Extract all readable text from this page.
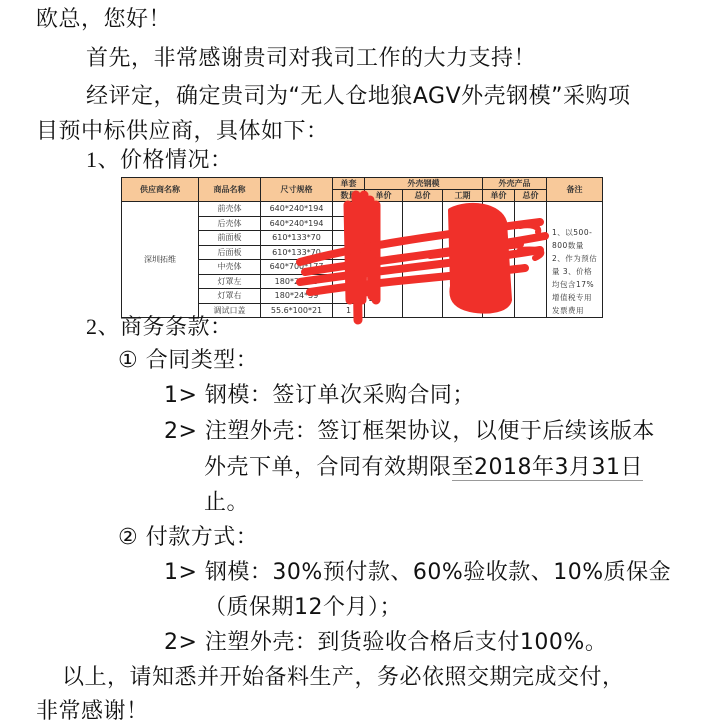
欧总，您好！
首先，非常感谢贵司对我司工作的大力支持！
经评定，确定贵司为“无人仓地狼AGV外壳钢模”采购项
目预中标供应商，具体如下：
1、价格情况：
供应商名称	商品名称	尺寸规格	单套	外壳钢模			外壳产品		备注
			数量	单价	总价	工期	单价	总价	
深圳拓维	前壳体	640*240*194	1						1、以500-800数量 2、作为预估量 3、价格均包含17%增值税专用发票费用
	后壳体	640*240*194	1						
	前面板	610*133*70	1						
	后面板	610*133*70	1						
	中壳体	640*700*177	1						
	灯罩左	180*24*59	2						
	灯罩右	180*24*59	2						
	调试口盖	55.6*100*21	1						
15
2、商务条款：
① 合同类型：
1> 钢模：签订单次采购合同；
2> 注塑外壳：签订框架协议，以便于后续该版本
外壳下单，合同有效期限至2018年3月31日
止。
② 付款方式：
1> 钢模：30%预付款、60%验收款、10%质保金
（质保期12个月）；
2> 注塑外壳：到货验收合格后支付100%。
以上，请知悉并开始备料生产，务必依照交期完成交付，
非常感谢！
